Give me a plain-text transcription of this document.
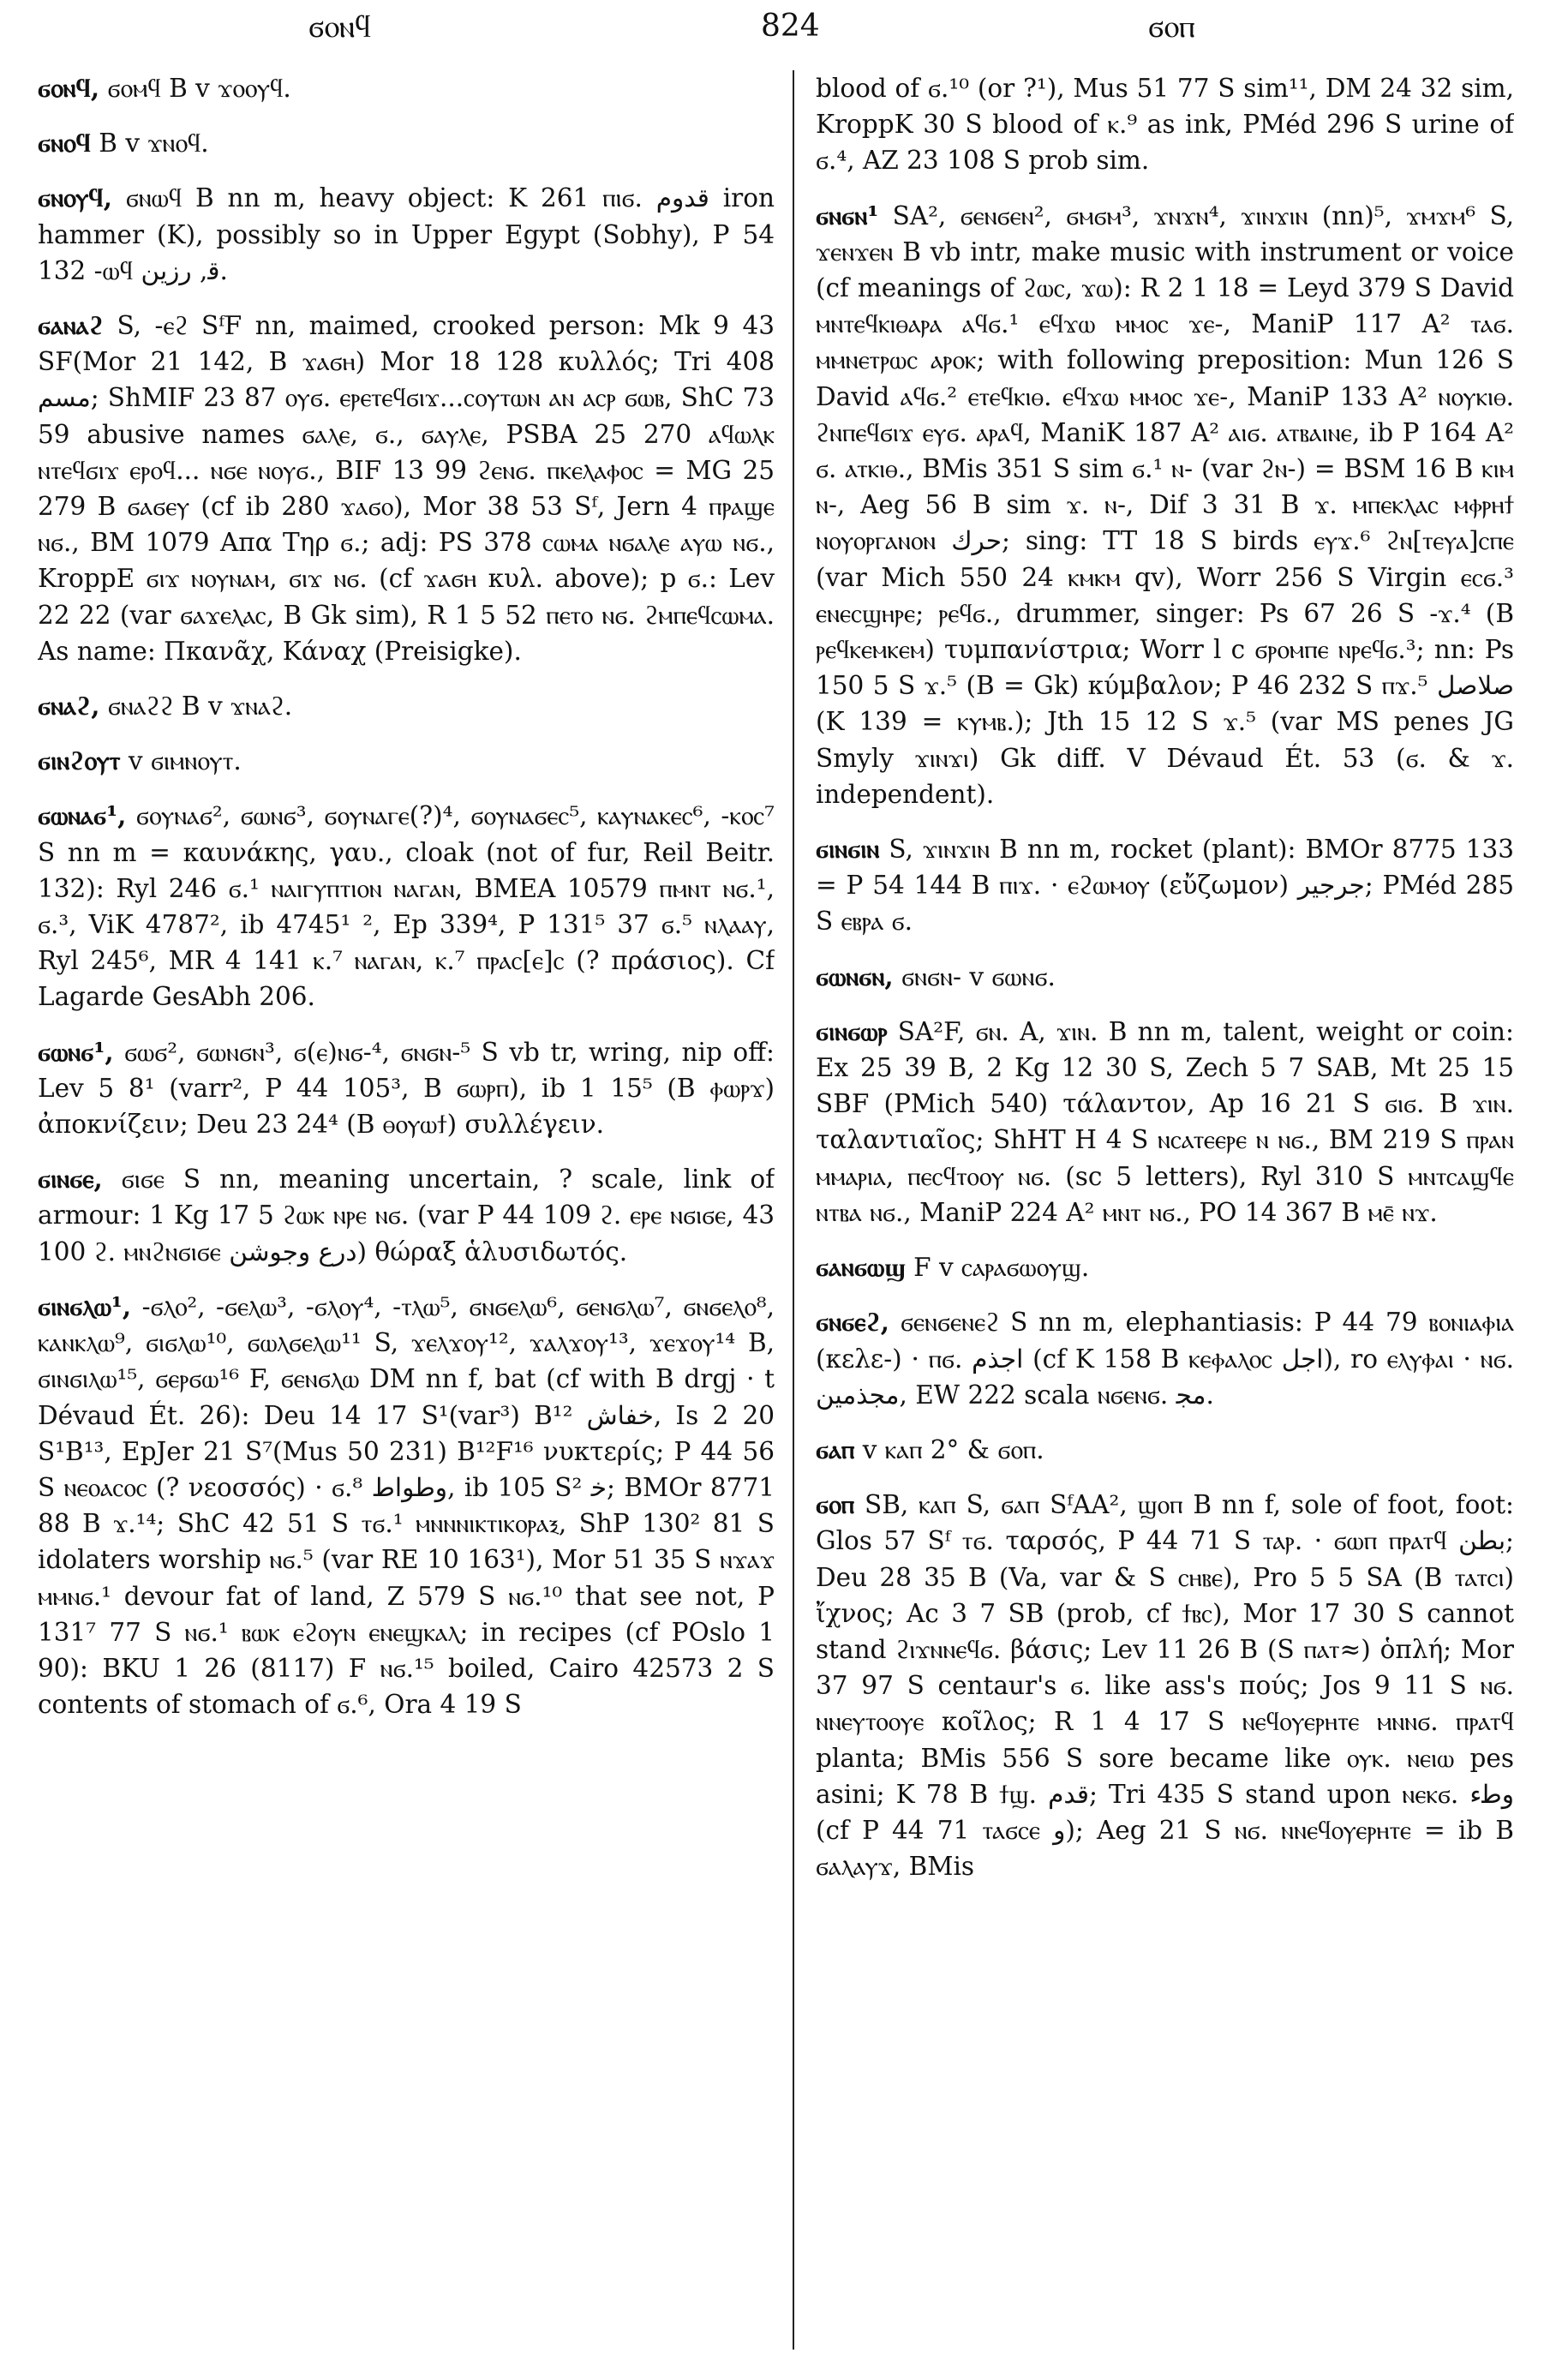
ϭⲟⲛϥ	824	ϭⲟⲡ

ϭⲟⲛϥ, ϭⲟⲙϥ B v ϫⲟⲟⲩϥ.

ϭⲛⲟϥ B v ϫⲛⲟϥ.

ϭⲛⲟⲩϥ, ϭⲛⲱϥ B nn m, heavy object: K 261 ⲡⲓϭ. قدوم iron hammer (K), possibly so in Upper Egypt (Sobhy), P 54 132 -ⲱϥ ﻗ, ﺭﺯﻳﻦ.

ϭⲁⲛⲁϩ S, -ⲉϩ SᶠF nn, maimed, crooked person: Mk 9 43 SF(Mor 21 142, B ϫⲁϭⲏ) Mor 18 128 κυλλός; Tri 408 ﻣﺴﻢ; ShMIF 23 87 ⲟⲩϭ. ⲉⲣⲉⲧⲉϥϭⲓϫ...ⲥⲟⲩⲧⲱⲛ ⲁⲛ ⲁⲥⲣ ϭⲱⲃ, ShC 73 59 abusive names ϭⲁⲗⲉ, ϭ., ϭⲁⲩⲗⲉ, PSBA 25 270 ⲁϥⲱⲗⲕ ⲛⲧⲉϥϭⲓϫ ⲉⲣⲟϥ... ⲛϭⲉ ⲛⲟⲩϭ., BIF 13 99 ϩⲉⲛϭ. ⲡⲕⲉⲗⲁⲫⲟⲥ = MG 25 279 B ϭⲁϭⲉⲩ (cf ib 280 ϫⲁϭⲟ), Mor 38 53 Sᶠ, Jern 4 ⲡⲣⲁϣⲉ ⲛϭ., BM 1079 Απα Τηρ ϭ.; adj: PS 378 ⲥⲱⲙⲁ ⲛϭⲁⲗⲉ ⲁⲩⲱ ⲛϭ., KroppE ϭⲓϫ ⲛⲟⲩⲛⲁⲙ, ϭⲓϫ ⲛϭ. (cf ϫⲁϭⲏ κυλ. above); p ϭ.: Lev 22 22 (var ϭⲁϫⲉⲗⲁⲥ, B Gk sim), R 1 5 52 ⲡⲉⲧⲟ ⲛϭ. ϩⲙⲡⲉϥⲥⲱⲙⲁ. As name: Πκανᾶχ, Κάναχ (Preisigke).

ϭⲛⲁϩ, ϭⲛⲁϩϩ B v ϫⲛⲁϩ.

ϭⲓⲛϩⲟⲩⲧ v ϭⲓⲙⲛⲟⲩⲧ.

ϭⲱⲛⲁϭ¹, ϭⲟⲩⲛⲁϭ², ϭⲱⲛϭ³, ϭⲟⲩⲛⲁⲅⲉ(?)⁴, ϭⲟⲩⲛⲁϭⲉⲥ⁵, ⲕⲁⲩⲛⲁⲕⲉⲥ⁶, -ⲕⲟⲥ⁷ S nn m = καυνάκης, γαυ., cloak (not of fur, Reil Beitr. 132): Ryl 246 ϭ.¹ ⲛⲁⲓⲅⲩⲡⲧⲓⲟⲛ ⲛⲁⲅⲁⲛ, BMEA 10579 ⲡⲙⲛⲧ ⲛϭ.¹, ϭ.³, ViK 4787², ib 4745¹ ², Ep 339⁴, P 131⁵ 37 ϭ.⁵ ⲛⲗⲁⲁⲩ, Ryl 245⁶, MR 4 141 ⲕ.⁷ ⲛⲁⲅⲁⲛ, ⲕ.⁷ ⲡⲣⲁⲥ[ⲉ]ⲥ (? πράσιος). Cf Lagarde GesAbh 206.

ϭⲱⲛϭ¹, ϭⲱϭ², ϭⲱⲛϭⲛ³, ϭ(ⲉ)ⲛϭ-⁴, ϭⲛϭⲛ-⁵ S vb tr, wring, nip off: Lev 5 8¹ (varr², P 44 105³, B ϭⲱⲣⲡ), ib 1 15⁵ (B ⲫⲱⲣϫ) ἀποκνίζειν; Deu 23 24⁴ (B ⲑⲟⲩⲱϯ) συλλέγειν.

ϭⲓⲛϭⲉ, ϭⲓϭⲉ S nn, meaning uncertain, ? scale, link of armour: 1 Kg 17 5 ϩⲱⲕ ⲛⲣⲉ ⲛϭ. (var P 44 109 ϩ. ⲉⲣⲉ ⲛϭⲓϭⲉ, 43 100 ϩ. ⲙⲛϩⲛϭⲓϭⲉ ﺩﺭﻉ ﻭﺟﻮﺷﻦ) θώραξ ἁλυσιδωτός.

ϭⲓⲛϭⲗⲱ¹, -ϭⲗⲟ², -ϭⲉⲗⲱ³, -ϭⲗⲟⲩ⁴, -ⲧⲗⲱ⁵, ϭⲛϭⲉⲗⲱ⁶, ϭⲉⲛϭⲗⲱ⁷, ϭⲛϭⲉⲗⲟ⁸, ⲕⲁⲛⲕⲗⲱ⁹, ϭⲓϭⲗⲱ¹⁰, ϭⲱⲗϭⲉⲗⲱ¹¹ S, ϫⲉⲗϫⲟⲩ¹², ϫⲁⲗϫⲟⲩ¹³, ϫⲉϫⲟⲩ¹⁴ B, ϭⲓⲛϭⲓⲗⲱ¹⁵, ϭⲉⲣϭⲱ¹⁶ F, ϭⲉⲛϭⲗⲱ DM nn f, bat (cf with B drgj · t Dévaud Ét. 26): Deu 14 17 S¹(var³) B¹² ﺧﻔﺎﺵ, Is 2 20 S¹B¹³, EpJer 21 S⁷(Mus 50 231) B¹²F¹⁶ νυκτερίς; P 44 56 S ⲛⲉⲟⲁⲥⲟⲥ (? νεοσσός) · ϭ.⁸ ﻭﻃﻮﺍﻁ, ib 105 S² ﺧ; BMOr 8771 88 B ϫ.¹⁴; ShC 42 51 S ⲧϭ.¹ ⲙⲛⲛⲛⲓⲕⲧⲓⲕⲟⲣⲁⲝ, ShP 130² 81 S idolaters worship ⲛϭ.⁵ (var RE 10 163¹), Mor 51 35 S ⲛϫⲁϫ ⲙⲙⲛϭ.¹ devour fat of land, Z 579 S ⲛϭ.¹⁰ that see not, P 131⁷ 77 S ⲛϭ.¹ ⲃⲱⲕ ⲉϩⲟⲩⲛ ⲉⲛⲉϣⲕⲁⲗ; in recipes (cf POslo 1 90): BKU 1 26 (8117) F ⲛϭ.¹⁵ boiled, Cairo 42573 2 S contents of stomach of ϭ.⁶, Ora 4 19 S

blood of ϭ.¹⁰ (or ?¹), Mus 51 77 S sim¹¹, DM 24 32 sim, KroppK 30 S blood of ⲕ.⁹ as ink, PMéd 296 S urine of ϭ.⁴, AZ 23 108 S prob sim.

ϭⲛϭⲛ¹ SA², ϭⲉⲛϭⲉⲛ², ϭⲙϭⲙ³, ϫⲛϫⲛ⁴, ϫⲓⲛϫⲓⲛ (nn)⁵, ϫⲙϫⲙ⁶ S, ϫⲉⲛϫⲉⲛ B vb intr, make music with instrument or voice (cf meanings of ϩⲱⲥ, ϫⲱ): R 2 1 18 = Leyd 379 S David ⲙⲛⲧⲉϥⲕⲓⲑⲁⲣⲁ ⲁϥϭ.¹ ⲉϥϫⲱ ⲙⲙⲟⲥ ϫⲉ-, ManiP 117 A² ⲧⲁϭ. ⲙⲙⲛⲉⲧⲣⲱⲥ ⲁⲣⲟⲕ; with following preposition: Mun 126 S David ⲁϥϭ.² ⲉⲧⲉϥⲕⲓⲑ. ⲉϥϫⲱ ⲙⲙⲟⲥ ϫⲉ-, ManiP 133 A² ⲛⲟⲩⲕⲓⲑ. ϩⲛⲡⲉϥϭⲓϫ ⲉⲩϭ. ⲁⲣⲁϥ, ManiK 187 A² ⲁⲓϭ. ⲁⲧⲃⲁⲓⲛⲉ, ib P 164 A² ϭ. ⲁⲧⲕⲓⲑ., BMis 351 S sim ϭ.¹ ⲛ- (var ϩⲛ-) = BSM 16 B ⲕⲓⲙ ⲛ-, Aeg 56 B sim ϫ. ⲛ-, Dif 3 31 B ϫ. ⲙⲡⲉⲕⲗⲁⲥ ⲙⲫⲣⲏϯ ⲛⲟⲩⲟⲣⲅⲁⲛⲟⲛ ﺣﺮﻙ; sing: TT 18 S birds ⲉⲩϫ.⁶ ϩⲛ[ⲧⲉⲩⲁ]ⲥⲡⲉ (var Mich 550 24 ⲕⲙⲕⲙ qv), Worr 256 S Virgin ⲉⲥϭ.³ ⲉⲛⲉⲥϣⲏⲣⲉ; ⲣⲉϥϭ., drummer, singer: Ps 67 26 S -ϫ.⁴ (B ⲣⲉϥⲕⲉⲙⲕⲉⲙ) τυμπανίστρια; Worr l c ϭⲣⲟⲙⲡⲉ ⲛⲣⲉϥϭ.³; nn: Ps 150 5 S ϫ.⁵ (B = Gk) κύμβαλον; P 46 232 S ⲡϫ.⁵ ﺻﻠﺎﺻﻞ (K 139 = ⲕⲩⲙⲃ.); Jth 15 12 S ϫ.⁵ (var MS penes JG Smyly ϫⲓⲛϫⲓ) Gk diff. V Dévaud Ét. 53 (ϭ. & ϫ. independent).

ϭⲓⲛϭⲓⲛ S, ϫⲓⲛϫⲓⲛ B nn m, rocket (plant): BMOr 8775 133 = P 54 144 B ⲡⲓϫ. · ⲉϩⲱⲙⲟⲩ (εὔζωμον) ﺟﺮﺟﻴﺮ; PMéd 285 S ⲉⲃⲣⲁ ϭ.

ϭⲱⲛϭⲛ, ϭⲛϭⲛ- v ϭⲱⲛϭ.

ϭⲓⲛϭⲱⲣ SA²F, ϭⲛ. A, ϫⲓⲛ. B nn m, talent, weight or coin: Ex 25 39 B, 2 Kg 12 30 S, Zech 5 7 SAB, Mt 25 15 SBF (PMich 540) τάλαντον, Ap 16 21 S ϭⲓϭ. B ϫⲓⲛ. ταλαντιαῖος; ShHT H 4 S ⲛⲥⲁⲧⲉⲉⲣⲉ ⲛ ⲛϭ., BM 219 S ⲡⲣⲁⲛ ⲙⲙⲁⲣⲓⲁ, ⲡⲉⲥϥⲧⲟⲟⲩ ⲛϭ. (sc 5 letters), Ryl 310 S ⲙⲛⲧⲥⲁϣϥⲉ ⲛⲧⲃⲁ ⲛϭ., ManiP 224 A² ⲙⲛⲧ ⲛϭ., PO 14 367 B ⲙⲉ̄ ⲛϫ.

ϭⲁⲛϭⲱϣ F v ⲥⲁⲣⲁϭⲱⲟⲩϣ.

ϭⲛϭⲉϩ, ϭⲉⲛϭⲉⲛⲉϩ S nn m, elephantiasis: P 44 79 ⲃⲟⲛⲓⲁⲫⲓⲁ (κελε-) · ⲡϭ. ﺍﺟﺬﻡ (cf K 158 B ⲕⲉⲫⲁⲗⲟⲥ ﺍﺟﻞ), ro ⲉⲗⲩⲫⲁⲓ · ⲛϭ. ﻣﺠﺬﻣﻴﻦ, EW 222 scala ⲛϭⲉⲛϭ. ﻣﺠ.

ϭⲁⲡ v ⲕⲁⲡ 2° & ϭⲟⲡ.

ϭⲟⲡ SB, ⲕⲁⲡ S, ϭⲁⲡ SᶠAA², ϣⲟⲡ B nn f, sole of foot, foot: Glos 57 Sᶠ ⲧϭ. ταρσός, P 44 71 S ⲧⲁⲣ. · ϭⲱⲡ ⲡⲣⲁⲧϥ ﺑﻄﻦ; Deu 28 35 B (Va, var & S ⲥⲏⲃⲉ), Pro 5 5 SA (B ⲧⲁⲧⲥⲓ) ἴχνος; Ac 3 7 SB (prob, cf ϯⲃⲥ), Mor 17 30 S cannot stand ϩⲓϫⲛⲛⲉϥϭ. βάσις; Lev 11 26 B (S ⲡⲁⲧ≈) ὁπλή; Mor 37 97 S centaur's ϭ. like ass's πούς; Jos 9 11 S ⲛϭ. ⲛⲛⲉⲩⲧⲟⲟⲩⲉ κοῖλος; R 1 4 17 S ⲛⲉϥⲟⲩⲉⲣⲏⲧⲉ ⲙⲛⲛϭ. ⲡⲣⲁⲧϥ planta; BMis 556 S sore became like ⲟⲩⲕ. ⲛⲉⲓⲱ pes asini; K 78 B ϯϣ. ﻗﺪﻡ; Tri 435 S stand upon ⲛⲉⲕϭ. ﻭﻃﺀ (cf P 44 71 ⲧⲁϭⲥⲉ ﻭ); Aeg 21 S ⲛϭ. ⲛⲛⲉϥⲟⲩⲉⲣⲏⲧⲉ = ib B ϭⲁⲗⲁⲩϫ, BMis
